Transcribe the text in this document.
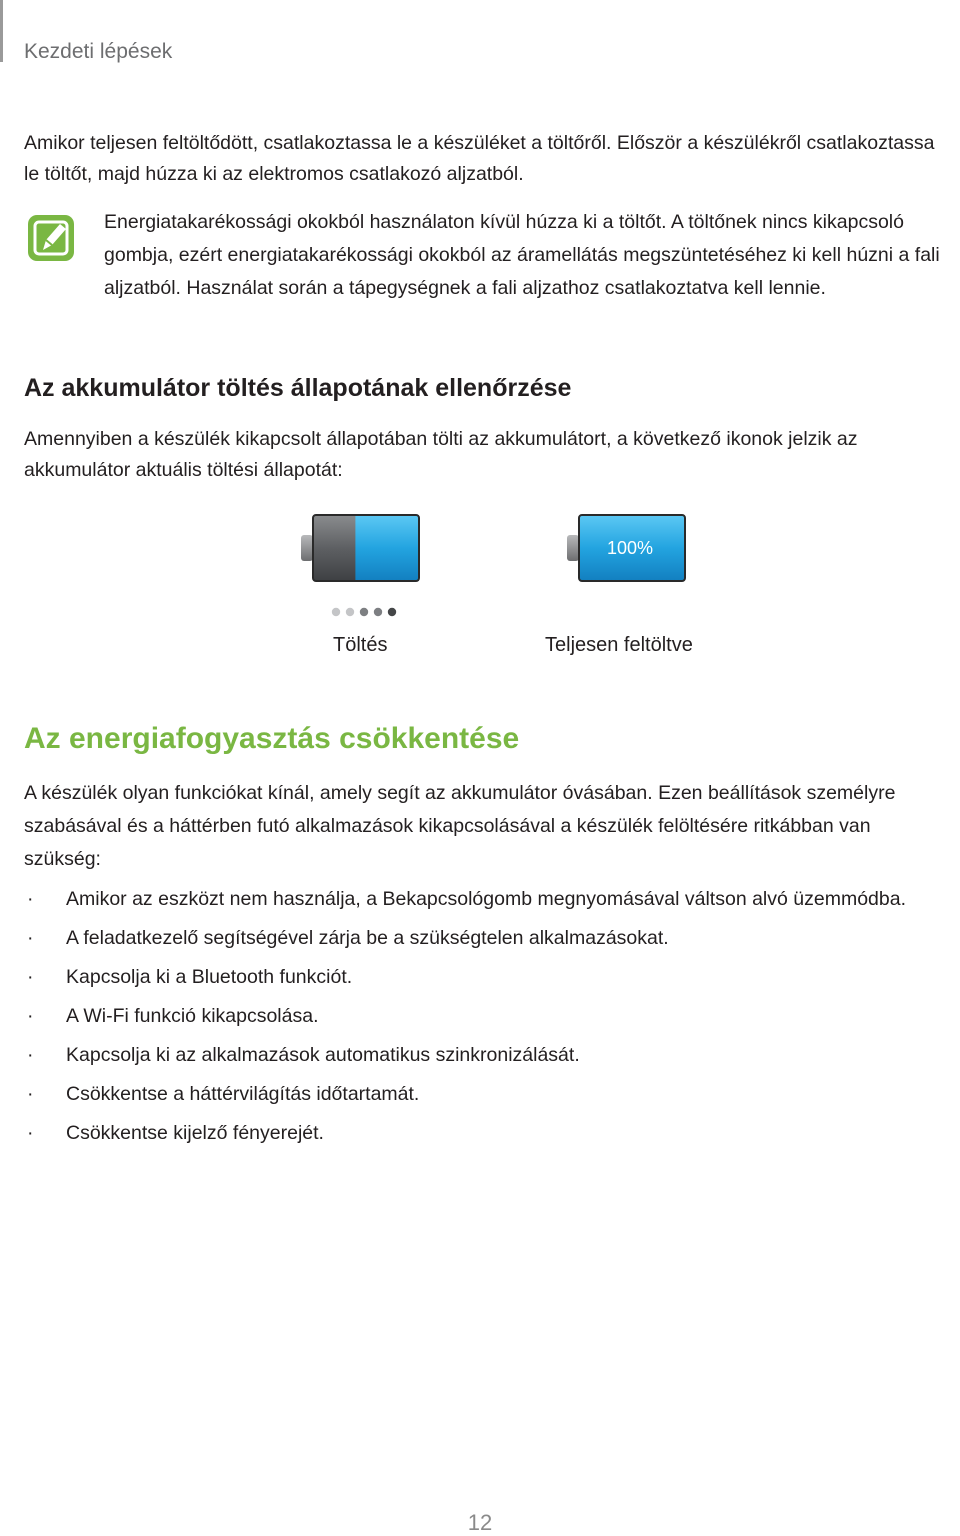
Kezdeti lépések

Amikor teljesen feltöltődött, csatlakoztassa le a készüléket a töltőről. Először a készülékről csatlakoztassa le töltőt, majd húzza ki az elektromos csatlakozó aljzatból.

Energiatakarékossági okokból használaton kívül húzza ki a töltőt. A töltőnek nincs kikapcsoló gombja, ezért energiatakarékossági okokból az áramellátás megszüntetéséhez ki kell húzni a fali aljzatból. Használat során a tápegységnek a fali aljzathoz csatlakoztatva kell lennie.

Az akkumulátor töltés állapotának ellenőrzése

Amennyiben a készülék kikapcsolt állapotában tölti az akkumulátort, a következő ikonok jelzik az akkumulátor aktuális töltési állapotát:

100%
Töltés	Teljesen feltöltve
Az energiafogyasztás csökkentése

A készülék olyan funkciókat kínál, amely segít az akkumulátor óvásában. Ezen beállítások személyre szabásával és a háttérben futó alkalmazások kikapcsolásával a készülék felöltésére ritkábban van szükség:

· Amikor az eszközt nem használja, a Bekapcsológomb megnyomásával váltson alvó üzemmódba.
· A feladatkezelő segítségével zárja be a szükségtelen alkalmazásokat.
· Kapcsolja ki a Bluetooth funkciót.
· A Wi-Fi funkció kikapcsolása.
· Kapcsolja ki az alkalmazások automatikus szinkronizálását.
· Csökkentse a háttérvilágítás időtartamát.
· Csökkentse kijelző fényerejét.
12
